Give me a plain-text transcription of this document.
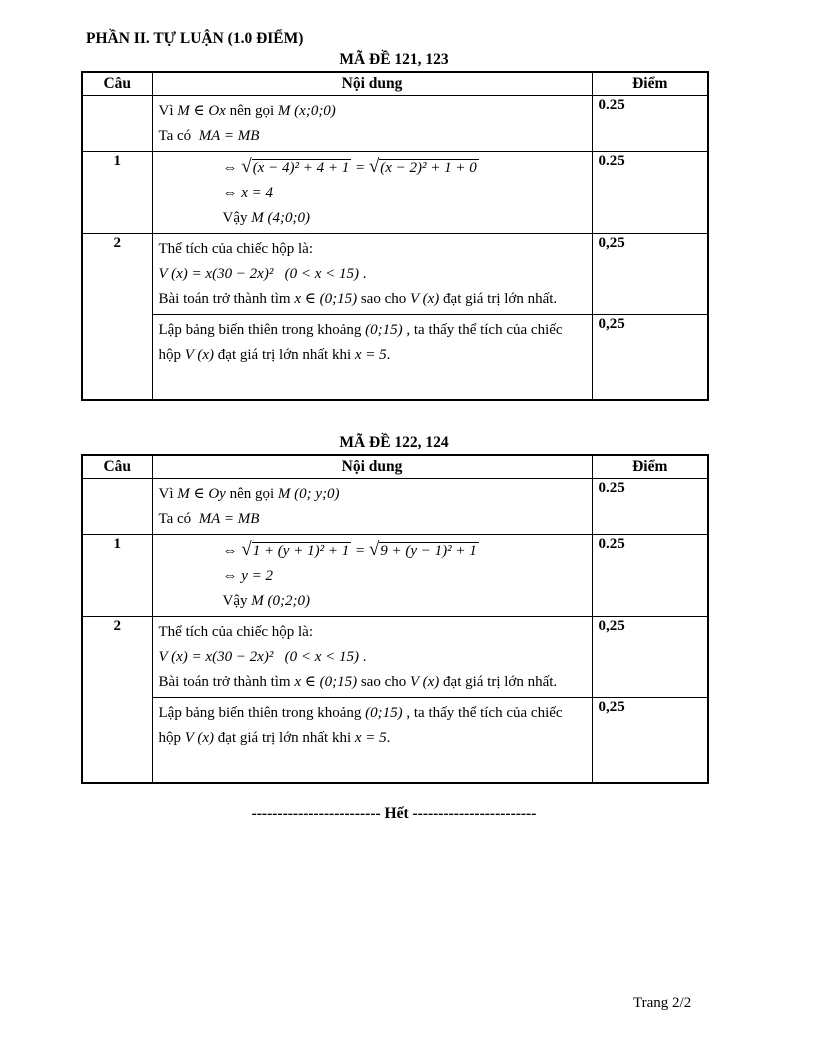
PHẦN II. TỰ LUẬN (1.0 ĐIỂM)
MÃ ĐỀ 121, 123
Câu	Nội dung	Điểm

	Vì M ∈ Ox nên gọi M (x;0;0)
Ta có  MA = MB	0.25
1	⇔ √(x − 4)² + 4 + 1 = √(x − 2)² + 1 + 0
⇔ x = 4
Vậy M (4;0;0)	0.25
2	Thể tích của chiếc hộp là:
V (x) = x(30 − 2x)² (0 < x < 15) .
Bài toán trở thành tìm x ∈ (0;15) sao cho V (x) đạt giá trị lớn nhất.	0,25

	Lập bảng biến thiên trong khoảng (0;15) , ta thấy thể tích của chiếc
hộp V (x) đạt giá trị lớn nhất khi x = 5.	0,25
MÃ ĐỀ 122, 124
Câu	Nội dung	Điểm

	Vì M ∈ Oy nên gọi M (0; y;0)
Ta có  MA = MB	0.25
1	⇔ √1 + (y + 1)² + 1 = √9 + (y − 1)² + 1
⇔ y = 2
Vậy M (0;2;0)	0.25
2	Thể tích của chiếc hộp là:
V (x) = x(30 − 2x)² (0 < x < 15) .
Bài toán trở thành tìm x ∈ (0;15) sao cho V (x) đạt giá trị lớn nhất.	0,25

	Lập bảng biến thiên trong khoảng (0;15) , ta thấy thể tích của chiếc
hộp V (x) đạt giá trị lớn nhất khi x = 5.	0,25
------------------------- Hết ------------------------
Trang 2/2
